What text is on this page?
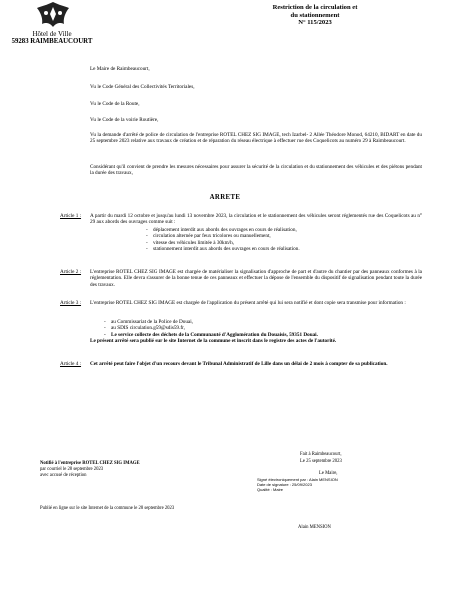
Hôtel de Ville
59283 RAIMBEAUCOURT
Restriction de la circulation et
du stationnement
N° 115/2023
Le Maire de Raimbeaucourt,
Vu le Code Général des Collectivités Territoriales,
Vu le Code de la Route,
Vu le Code de la voirie Routière,
Vu la demande d'arrêté de police de circulation de l'entreprise ROTEL CHEZ SIG IMAGE, tech Izarbel- 2 Allée Théodore Monod, 64210, BIDART en date du 25 septembre 2023 relative aux travaux de création et de réparation du réseau électrique à effectuer rue des Coquelicots au numéro 29 à Raimbeaucourt.
Considérant qu'il convient de prendre les mesures nécessaires pour assurer la sécurité de la circulation et du stationnement des véhicules et des piétons pendant la durée des travaux,
ARRETE
Article 1 : A partir du mardi 12 octobre et jusqu'au lundi 13 novembre 2023, la circulation et le stationnement des véhicules seront réglementés rue des Coquelicots au n° 29 aux abords des ouvrages comme suit :
- déplacement interdit aux abords des ouvrages en cours de réalisation,
- circulation alternée par feux tricolores ou manuellement,
- vitesse des véhicules limitée à 30km/h,
- stationnement interdit aux abords des ouvrages en cours de réalisation.
Article 2 : L'entreprise ROTEL CHEZ SIG IMAGE est chargée de matérialiser la signalisation d'approche de part et d'autre du chantier par des panneaux conformes à la réglementation. Elle devra s'assurer de la bonne tenue de ces panneaux et effectuer la dépose de l'ensemble du dispositif de signalisation pendant toute la durée des travaux.
Article 3 : L'entreprise ROTEL CHEZ SIG IMAGE est chargée de l'application du présent arrêté qui lui sera notifié et dont copie sera transmise pour information :
- au Commissariat de la Police de Douai,
- au SDIS circulation.g59@sdis59.fr,
- Le service collecte des déchets de la Communauté d'Agglomération du Douaisis, 59351 Douai.
Le présent arrêté sera publié sur le site Internet de la commune et inscrit dans le registre des actes de l'autorité.
Article 4 : Cet arrêté peut faire l'objet d'un recours devant le Tribunal Administratif de Lille dans un délai de 2 mois à compter de sa publication.
Notifié à l'entreprise ROTEL CHEZ SIG IMAGE
par courriel le 28 septembre 2023
avec accusé de réception
Fait à Raimbeaucourt,
Le 25 septembre 2023
Le Maire,
Signé électroniquement par : Alain MENSION
Date de signature : 25/09/2023
Qualité : Maire
Publié en ligne sur le site Internet de la commune le 28 septembre 2023
Alain MENSION
